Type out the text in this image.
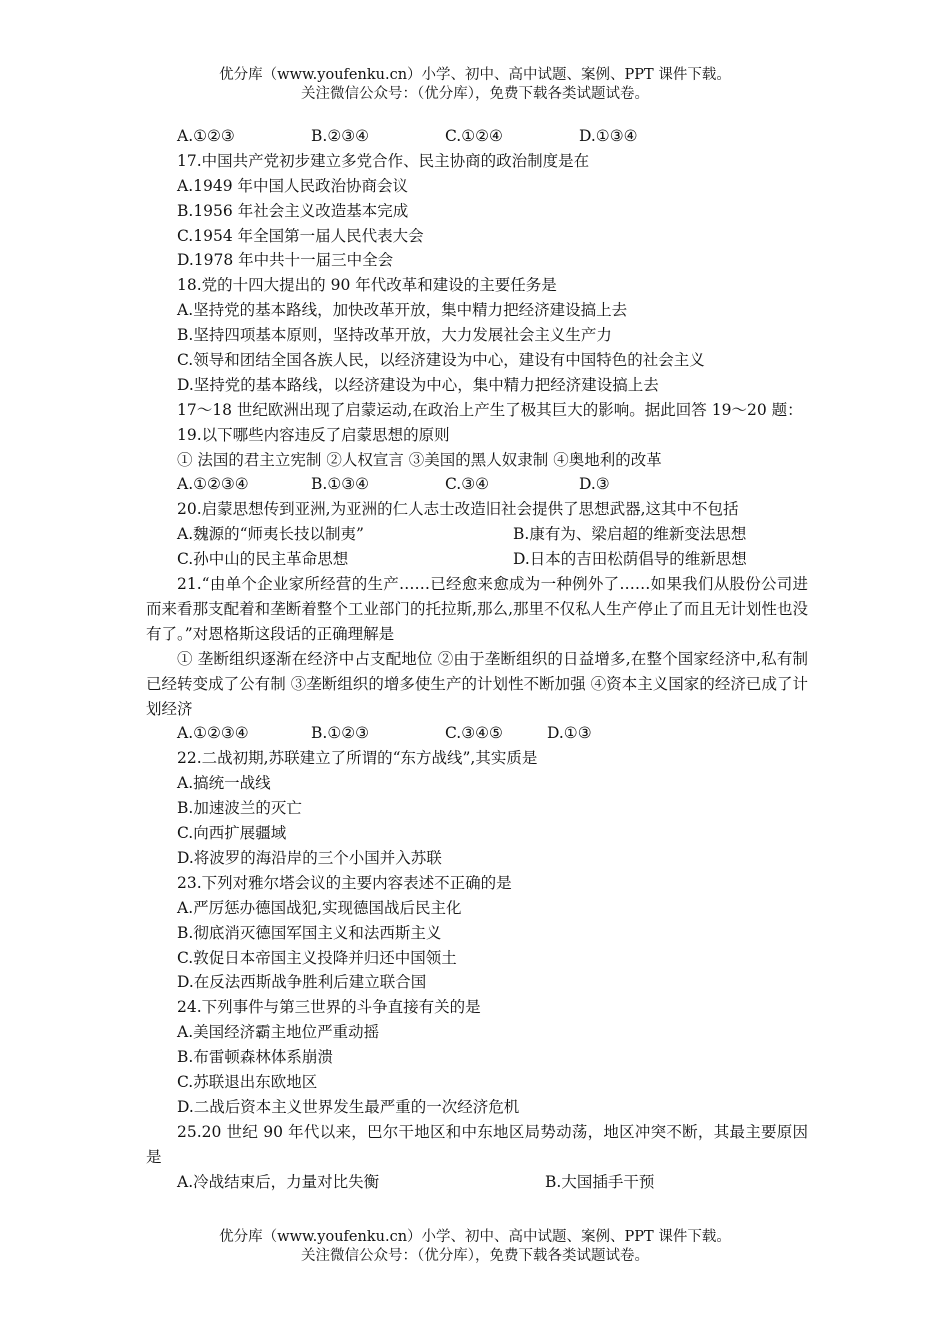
优分库（www.youfenku.cn）小学、初中、高中试题、案例、PPT 课件下载。
关注微信公众号：（优分库），免费下载各类试题试卷。
A.①②③	B.②③④	C.①②④	D.①③④
17.中国共产党初步建立多党合作、民主协商的政治制度是在
A.1949 年中国人民政治协商会议
B.1956 年社会主义改造基本完成
C.1954 年全国第一届人民代表大会
D.1978 年中共十一届三中全会
18.党的十四大提出的 90 年代改革和建设的主要任务是
A.坚持党的基本路线，加快改革开放，集中精力把经济建设搞上去
B.坚持四项基本原则，坚持改革开放，大力发展社会主义生产力
C.领导和团结全国各族人民，以经济建设为中心，建设有中国特色的社会主义
D.坚持党的基本路线，以经济建设为中心，集中精力把经济建设搞上去
17～18 世纪欧洲出现了启蒙运动,在政治上产生了极其巨大的影响。据此回答 19～20 题：
19.以下哪些内容违反了启蒙思想的原则
① 法国的君主立宪制 ②人权宣言 ③美国的黑人奴隶制 ④奥地利的改革
A.①②③④	B.①③④	C.③④	D.③
20.启蒙思想传到亚洲,为亚洲的仁人志士改造旧社会提供了思想武器,这其中不包括
A.魏源的“师夷长技以制夷”	B.康有为、梁启超的维新变法思想
C.孙中山的民主革命思想	D.日本的吉田松荫倡导的维新思想
21.“由单个企业家所经营的生产……已经愈来愈成为一种例外了……如果我们从股份公司进而来看那支配着和垄断着整个工业部门的托拉斯,那么,那里不仅私人生产停止了而且无计划性也没有了。”对恩格斯这段话的正确理解是
① 垄断组织逐渐在经济中占支配地位 ②由于垄断组织的日益增多,在整个国家经济中,私有制已经转变成了公有制 ③垄断组织的增多使生产的计划性不断加强 ④资本主义国家的经济已成了计划经济
A.①②③④	B.①②③	C.③④⑤	D.①③
22.二战初期,苏联建立了所谓的“东方战线”,其实质是
A.搞统一战线
B.加速波兰的灭亡
C.向西扩展疆域
D.将波罗的海沿岸的三个小国并入苏联
23.下列对雅尔塔会议的主要内容表述不正确的是
A.严厉惩办德国战犯,实现德国战后民主化
B.彻底消灭德国军国主义和法西斯主义
C.敦促日本帝国主义投降并归还中国领土
D.在反法西斯战争胜利后建立联合国
24.下列事件与第三世界的斗争直接有关的是
A.美国经济霸主地位严重动摇
B.布雷顿森林体系崩溃
C.苏联退出东欧地区
D.二战后资本主义世界发生最严重的一次经济危机
25.20 世纪 90 年代以来，巴尔干地区和中东地区局势动荡，地区冲突不断，其最主要原因是
A.冷战结束后，力量对比失衡	B.大国插手干预
优分库（www.youfenku.cn）小学、初中、高中试题、案例、PPT 课件下载。
关注微信公众号：（优分库），免费下载各类试题试卷。
